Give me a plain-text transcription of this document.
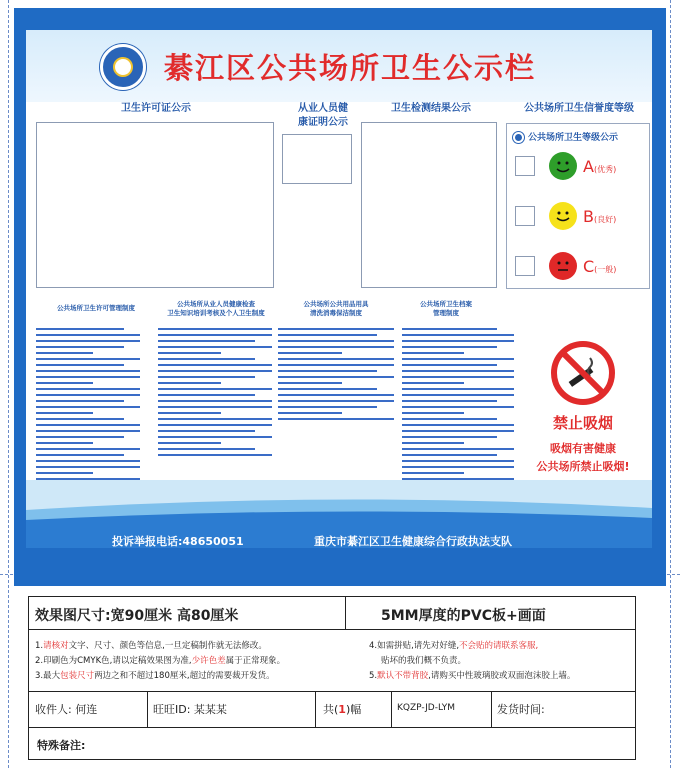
綦江区公共场所卫生公示栏
卫生许可证公示	从业人员健
康证明公示
卫生检测结果公示	公共场所卫生信誉度等级
公共场所卫生等级公示
A(优秀)
B(良好)
C(一般)
公共场所卫生许可管理制度	公共场所从业人员健康检查
卫生知识培训考核及个人卫生制度
公共场所公共用品用具
清洗消毒保洁制度
公共场所卫生档案
管理制度
禁止吸烟
吸烟有害健康
公共场所禁止吸烟!
投诉举报电话:48650051	重庆市綦江区卫生健康综合行政执法支队
效果图尺寸:宽90厘米 高80厘米	5MM厚度的PVC板+画面
1.请核对文字、尺寸、颜色等信息,一旦定稿制作就无法修改。
2.印刷色为CMYK色,请以定稿效果图为准,少许色差属于正常现象。
3.最大包装尺寸两边之和不超过180厘米,超过的需要裁开发货。
4.如需拼贴,请先对好缝,不会贴的请联系客服,
贴坏的我们概不负责。
5.默认不带背胶,请购买中性玻璃胶或双面泡沫胶上墙。
收件人: 何连	旺旺ID: 某某某	共(1)幅	KQZP-JD-LYM	发货时间:
特殊备注:
